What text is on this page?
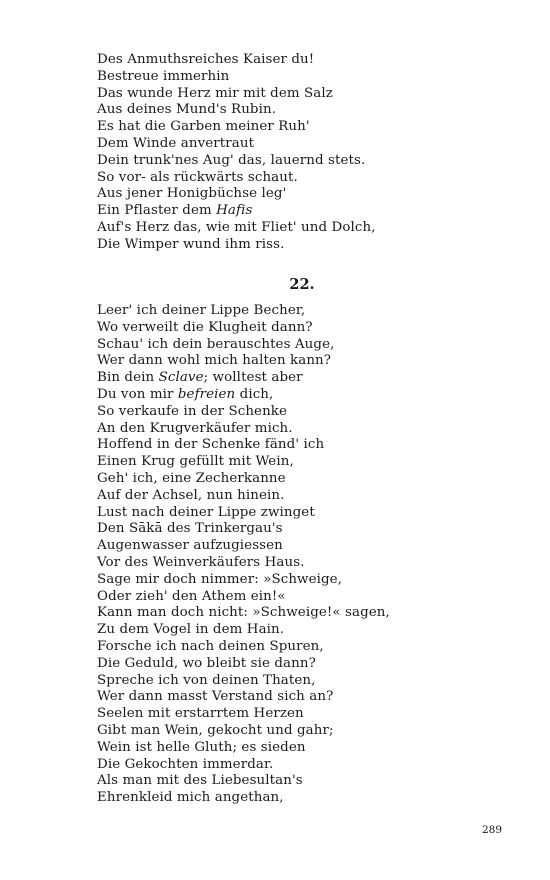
Des Anmuthsreiches Kaiser du!
Bestreue immerhin
Das wunde Herz mir mit dem Salz
Aus deines Mund's Rubin.
Es hat die Garben meiner Ruh'
Dem Winde anvertraut
Dein trunk'nes Aug' das, lauernd stets.
So vor- als rückwärts schaut.
Aus jener Honigbüchse leg'
Ein Pflaster dem Hafis
Auf's Herz das, wie mit Fliet' und Dolch,
Die Wimper wund ihm riss.
22.
Leer' ich deiner Lippe Becher,
Wo verweilt die Klugheit dann?
Schau' ich dein berauschtes Auge,
Wer dann wohl mich halten kann?
Bin dein Sclave; wolltest aber
Du von mir befreien dich,
So verkaufe in der Schenke
An den Krugverkäufer mich.
Hoffend in der Schenke fänd' ich
Einen Krug gefüllt mit Wein,
Geh' ich, eine Zecherkanne
Auf der Achsel, nun hinein.
Lust nach deiner Lippe zwinget
Den Sākā des Trinkergau's
Augenwasser aufzugiessen
Vor des Weinverkäufers Haus.
Sage mir doch nimmer: »Schweige,
Oder zieh' den Athem ein!«
Kann man doch nicht: »Schweige!« sagen,
Zu dem Vogel in dem Hain.
Forsche ich nach deinen Spuren,
Die Geduld, wo bleibt sie dann?
Spreche ich von deinen Thaten,
Wer dann masst Verstand sich an?
Seelen mit erstarrtem Herzen
Gibt man Wein, gekocht und gahr;
Wein ist helle Gluth; es sieden
Die Gekochten immerdar.
Als man mit des Liebesultan's
Ehrenkleid mich angethan,
289
